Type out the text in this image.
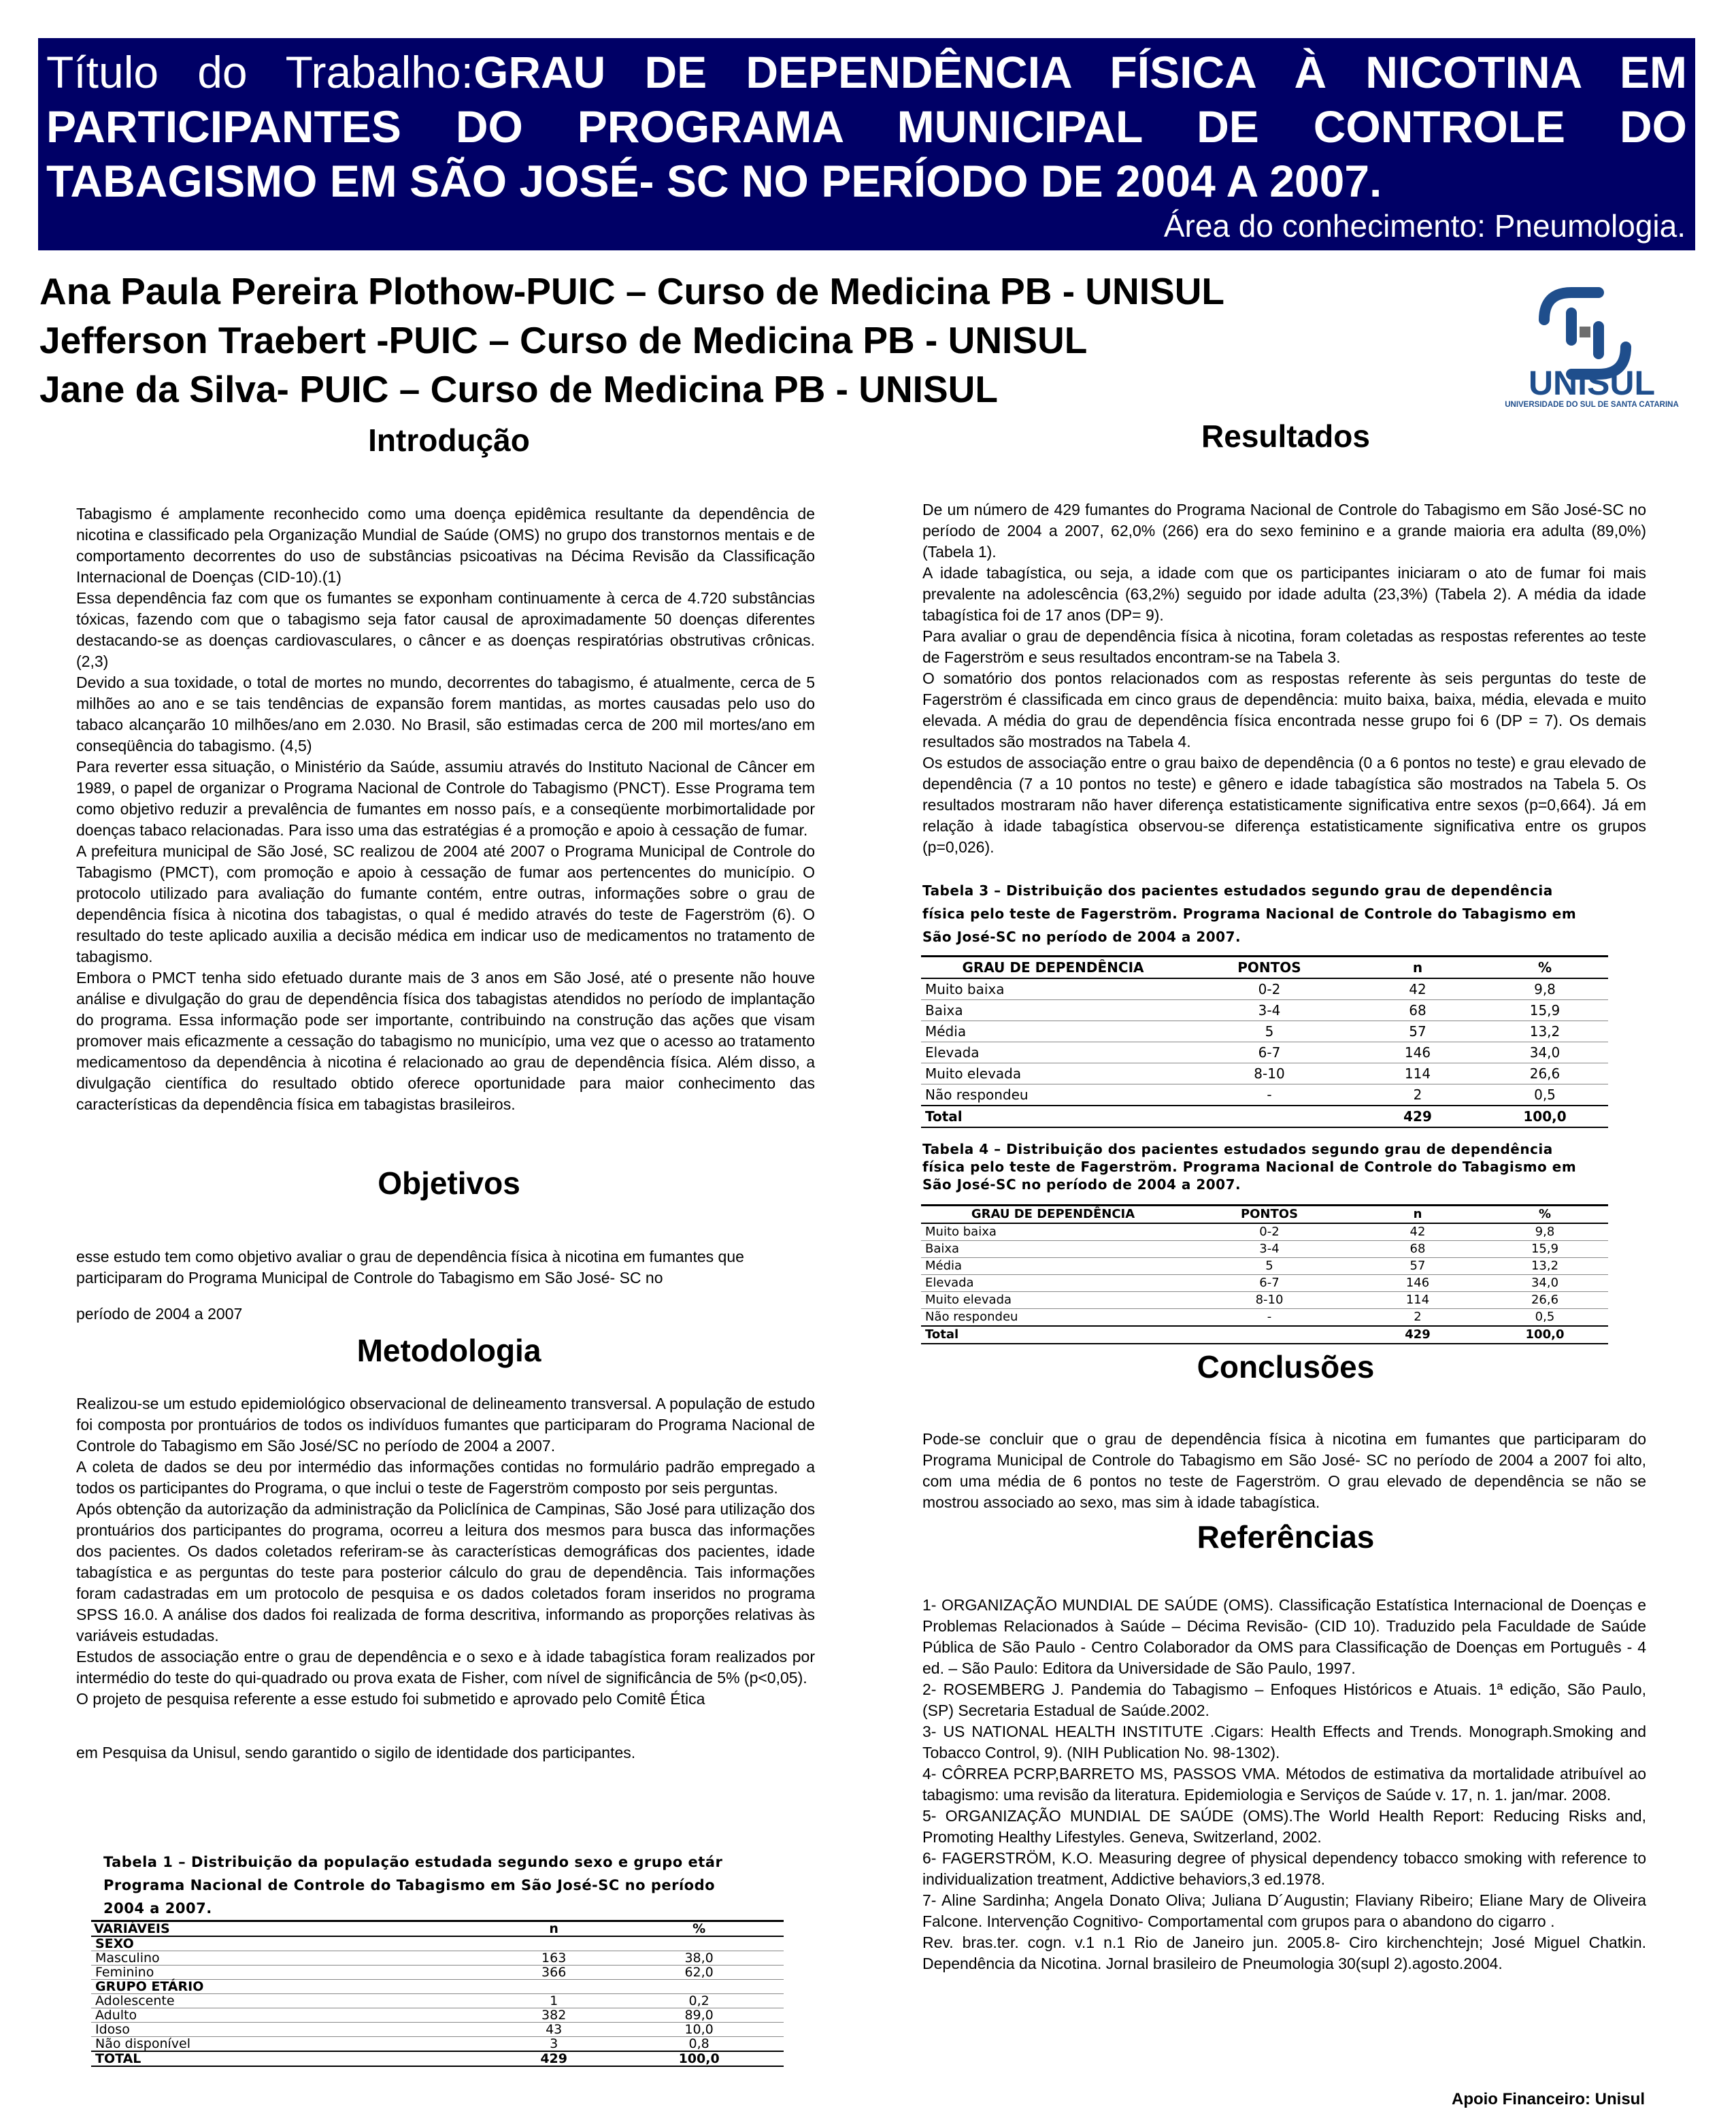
Título do Trabalho:GRAU DE DEPENDÊNCIA FÍSICA À NICOTINA EM PARTICIPANTES DO PROGRAMA MUNICIPAL DE CONTROLE DO TABAGISMO EM SÃO JOSÉ- SC NO PERÍODO DE 2004 A 2007.

Área do conhecimento: Pneumologia.
Ana Paula Pereira Plothow-PUIC – Curso de Medicina PB - UNISUL
Jefferson Traebert -PUIC – Curso de Medicina PB - UNISUL
Jane da Silva- PUIC – Curso de Medicina PB - UNISUL	UNISUL
UNIVERSIDADE DO SUL DE SANTA CATARINA
Introdução

Tabagismo é amplamente reconhecido como uma doença epidêmica resultante da dependência de nicotina e classificado pela Organização Mundial de Saúde (OMS) no grupo dos transtornos mentais e de comportamento decorrentes do uso de substâncias psicoativas na Décima Revisão da Classificação Internacional de Doenças (CID-10).(1)

Essa dependência faz com que os fumantes se exponham continuamente à cerca de 4.720 substâncias tóxicas, fazendo com que o tabagismo seja fator causal de aproximadamente 50 doenças diferentes destacando-se as doenças cardiovasculares, o câncer e as doenças respiratórias obstrutivas crônicas.(2,3)

Devido a sua toxidade, o total de mortes no mundo, decorrentes do tabagismo, é atualmente, cerca de 5 milhões ao ano e se tais tendências de expansão forem mantidas, as mortes causadas pelo uso do tabaco alcançarão 10 milhões/ano em 2.030. No Brasil, são estimadas cerca de 200 mil mortes/ano em conseqüência do tabagismo. (4,5)

Para reverter essa situação, o Ministério da Saúde, assumiu através do Instituto Nacional de Câncer em 1989, o papel de organizar o Programa Nacional de Controle do Tabagismo (PNCT). Esse Programa tem como objetivo reduzir a prevalência de fumantes em nosso país, e a conseqüente morbimortalidade por doenças tabaco relacionadas. Para isso uma das estratégias é a promoção e apoio à cessação de fumar.

A prefeitura municipal de São José, SC realizou de 2004 até 2007 o Programa Municipal de Controle do Tabagismo (PMCT), com promoção e apoio à cessação de fumar aos pertencentes do município. O protocolo utilizado para avaliação do fumante contém, entre outras, informações sobre o grau de dependência física à nicotina dos tabagistas, o qual é medido através do teste de Fagerström (6). O resultado do teste aplicado auxilia a decisão médica em indicar uso de medicamentos no tratamento de tabagismo.

Embora o PMCT tenha sido efetuado durante mais de 3 anos em São José, até o presente não houve análise e divulgação do grau de dependência física dos tabagistas atendidos no período de implantação do programa. Essa informação pode ser importante, contribuindo na construção das ações que visam promover mais eficazmente a cessação do tabagismo no município, uma vez que o acesso ao tratamento medicamentoso da dependência à nicotina é relacionado ao grau de dependência física. Além disso, a divulgação científica do resultado obtido oferece oportunidade para maior conhecimento das características da dependência física em tabagistas brasileiros.

Objetivos

esse estudo tem como objetivo avaliar o grau de dependência física à nicotina em fumantes que participaram do Programa Municipal de Controle do Tabagismo em São José- SC no

período de 2004 a 2007

Metodologia

Realizou-se um estudo epidemiológico observacional de delineamento transversal. A população de estudo foi composta por prontuários de todos os indivíduos fumantes que participaram do Programa Nacional de Controle do Tabagismo em São José/SC no período de 2004 a 2007.

A coleta de dados se deu por intermédio das informações contidas no formulário padrão empregado a todos os participantes do Programa, o que inclui o teste de Fagerström composto por seis perguntas.

Após obtenção da autorização da administração da Policlínica de Campinas, São José para utilização dos prontuários dos participantes do programa, ocorreu a leitura dos mesmos para busca das informações dos pacientes. Os dados coletados referiram-se às características demográficas dos pacientes, idade tabagística e as perguntas do teste para posterior cálculo do grau de dependência. Tais informações foram cadastradas em um protocolo de pesquisa e os dados coletados foram inseridos no programa SPSS 16.0. A análise dos dados foi realizada de forma descritiva, informando as proporções relativas às variáveis estudadas.

Estudos de associação entre o grau de dependência e o sexo e à idade tabagística foram realizados por intermédio do teste do qui-quadrado ou prova exata de Fisher, com nível de significância de 5% (p<0,05).

O projeto de pesquisa referente a esse estudo foi submetido e aprovado pelo Comitê Ética

em Pesquisa da Unisul, sendo garantido o sigilo de identidade dos participantes.

Tabela 1 – Distribuição da população estudada segundo sexo e grupo etár
Programa Nacional de Controle do Tabagismo em São José-SC no período
2004 a 2007.
VARIÁVEIS	n	%
SEXO		
Masculino	163	38,0
Feminino	366	62,0
GRUPO ETÁRIO		
Adolescente	1	0,2
Adulto	382	89,0
Idoso	43	10,0
Não disponível	3	0,8
TOTAL	429	100,0
Resultados

De um número de 429 fumantes do Programa Nacional de Controle do Tabagismo em São José-SC no período de 2004 a 2007, 62,0% (266) era do sexo feminino e a grande maioria era adulta (89,0%) (Tabela 1).

A idade tabagística, ou seja, a idade com que os participantes iniciaram o ato de fumar foi mais prevalente na adolescência (63,2%) seguido por idade adulta (23,3%) (Tabela 2). A média da idade tabagística foi de 17 anos (DP= 9).

Para avaliar o grau de dependência física à nicotina, foram coletadas as respostas referentes ao teste de Fagerström e seus resultados encontram-se na Tabela 3.

O somatório dos pontos relacionados com as respostas referente às seis perguntas do teste de Fagerström é classificada em cinco graus de dependência: muito baixa, baixa, média, elevada e muito elevada. A média do grau de dependência física encontrada nesse grupo foi 6 (DP = 7). Os demais resultados são mostrados na Tabela 4.

Os estudos de associação entre o grau baixo de dependência (0 a 6 pontos no teste) e grau elevado de dependência (7 a 10 pontos no teste) e gênero e idade tabagística são mostrados na Tabela 5. Os resultados mostraram não haver diferença estatisticamente significativa entre sexos (p=0,664). Já em relação à idade tabagística observou-se diferença estatisticamente significativa entre os grupos (p=0,026).

Tabela 3 – Distribuição dos pacientes estudados segundo grau de dependência
física pelo teste de Fagerström. Programa Nacional de Controle do Tabagismo em
São José-SC no período de 2004 a 2007.
GRAU DE DEPENDÊNCIA	PONTOS	n	%
Muito baixa	0-2	42	9,8
Baixa	3-4	68	15,9
Média	5	57	13,2
Elevada	6-7	146	34,0
Muito elevada	8-10	114	26,6
Não respondeu	-	2	0,5
Total		429	100,0
Tabela 4 – Distribuição dos pacientes estudados segundo grau de dependência
física pelo teste de Fagerström. Programa Nacional de Controle do Tabagismo em
São José-SC no período de 2004 a 2007.
GRAU DE DEPENDÊNCIA	PONTOS	n	%
Muito baixa	0-2	42	9,8
Baixa	3-4	68	15,9
Média	5	57	13,2
Elevada	6-7	146	34,0
Muito elevada	8-10	114	26,6
Não respondeu	-	2	0,5
Total		429	100,0
Conclusões

Pode-se concluir que o grau de dependência física à nicotina em fumantes que participaram do Programa Municipal de Controle do Tabagismo em São José- SC no período de 2004 a 2007 foi alto, com uma média de 6 pontos no teste de Fagerström. O grau elevado de dependência se não se mostrou associado ao sexo, mas sim à idade tabagística.

Referências

1- ORGANIZAÇÃO MUNDIAL DE SAÚDE (OMS). Classificação Estatística Internacional de Doenças e Problemas Relacionados à Saúde – Décima Revisão- (CID 10). Traduzido pela Faculdade de Saúde Pública de São Paulo - Centro Colaborador da OMS para Classificação de Doenças em Português - 4 ed. – São Paulo: Editora da Universidade de São Paulo, 1997.

2- ROSEMBERG J. Pandemia do Tabagismo – Enfoques Históricos e Atuais. 1ª edição, São Paulo, (SP) Secretaria Estadual de Saúde.2002.

3- US NATIONAL HEALTH INSTITUTE .Cigars: Health Effects and Trends. Monograph.Smoking and Tobacco Control, 9). (NIH Publication No. 98-1302).

4- CÔRREA PCRP,BARRETO MS, PASSOS VMA. Métodos de estimativa da mortalidade atribuível ao tabagismo: uma revisão da literatura. Epidemiologia e Serviços de Saúde v. 17, n. 1. jan/mar. 2008.

5- ORGANIZAÇÃO MUNDIAL DE SAÚDE (OMS).The World Health Report: Reducing Risks and, Promoting Healthy Lifestyles. Geneva, Switzerland, 2002.

6- FAGERSTRÖM, K.O. Measuring degree of physical dependency tobacco smoking with reference to individualization treatment, Addictive behaviors,3 ed.1978.

7- Aline Sardinha; Angela Donato Oliva; Juliana D´Augustin; Flaviany Ribeiro; Eliane Mary de Oliveira Falcone. Intervenção Cognitivo- Comportamental com grupos para o abandono do cigarro .

Rev. bras.ter. cogn. v.1 n.1 Rio de Janeiro jun. 2005.8- Ciro kirchenchtejn; José Miguel Chatkin. Dependência da Nicotina. Jornal brasileiro de Pneumologia 30(supl 2).agosto.2004.

Apoio Financeiro: Unisul
